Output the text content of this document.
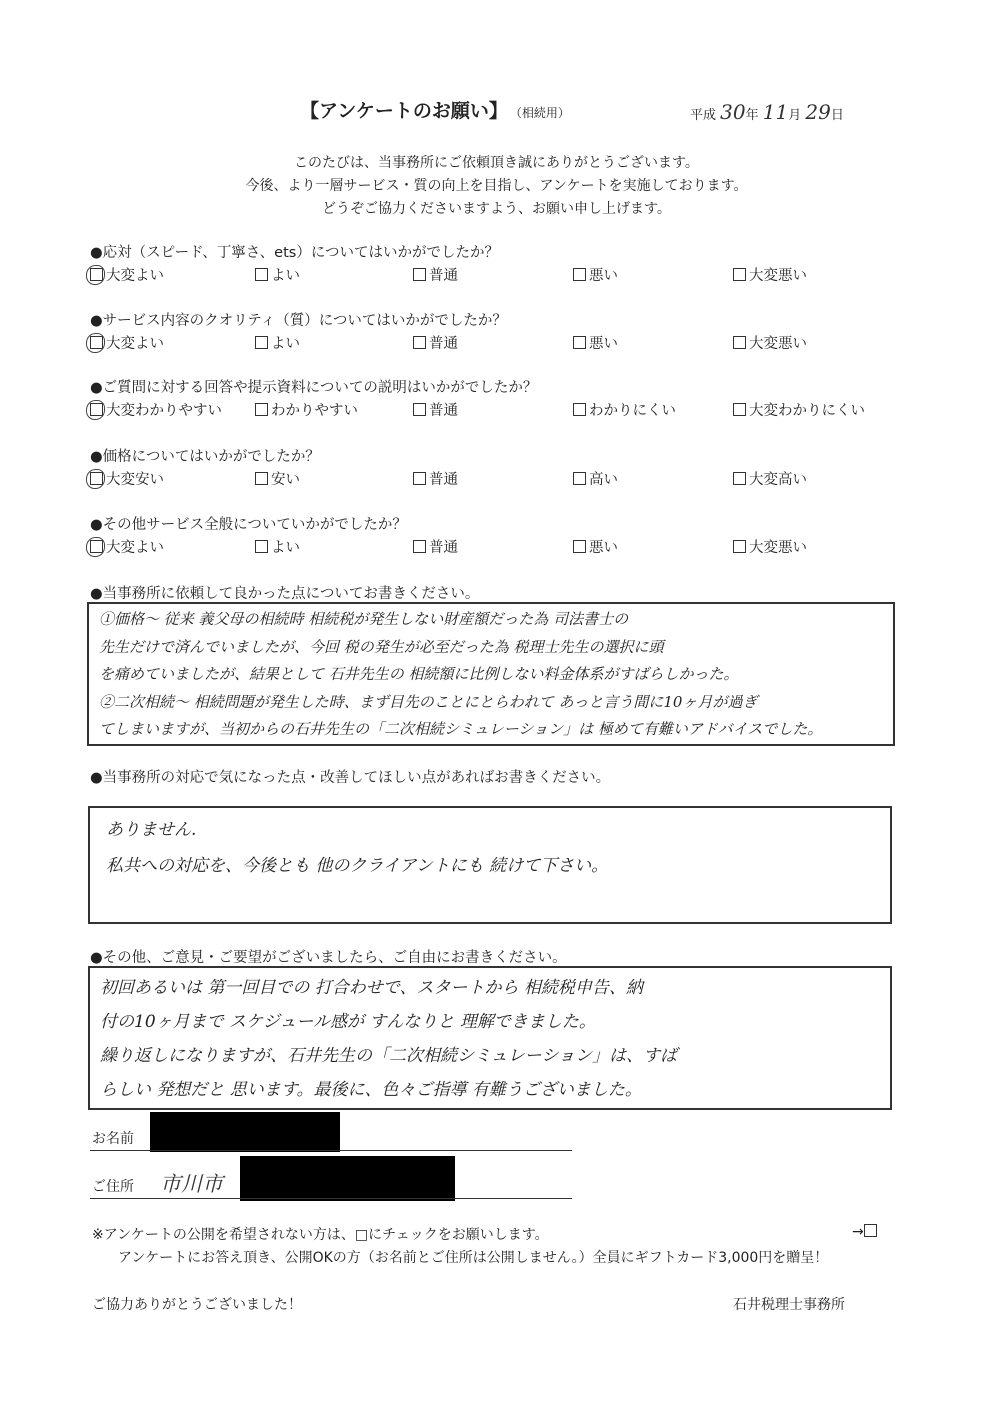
【アンケートのお願い】 （相続用）	平成 30年 11月 29日
このたびは、当事務所にご依頼頂き誠にありがとうございます。
今後、より一層サービス・質の向上を目指し、アンケートを実施しております。
どうぞご協力くださいますよう、お願い申し上げます。
●応対（スピード、丁寧さ、ets）についてはいかがでしたか？
大変よい	よい	普通	悪い	大変悪い
●サービス内容のクオリティ（質）についてはいかがでしたか？
大変よい	よい	普通	悪い	大変悪い
●ご質問に対する回答や提示資料についての説明はいかがでしたか？
大変わかりやすい	わかりやすい	普通	わかりにくい	大変わかりにくい
●価格についてはいかがでしたか？
大変安い	安い	普通	高い	大変高い
●その他サービス全般についていかがでしたか？
大変よい	よい	普通	悪い	大変悪い
●当事務所に依頼して良かった点についてお書きください。
①価格～ 従来 義父母の相続時 相続税が発生しない財産額だった為 司法書士の
先生だけで済んでいましたが、今回 税の発生が必至だった為 税理士先生の選択に頭
を痛めていましたが、結果として 石井先生の 相続額に比例しない料金体系がすばらしかった。
②二次相続～ 相続問題が発生した時、まず目先のことにとらわれて あっと言う間に10ヶ月が過ぎ
てしまいますが、当初からの石井先生の「二次相続シミュレーション」は 極めて有難いアドバイスでした。
●当事務所の対応で気になった点・改善してほしい点があればお書きください。
ありません.
私共への対応を、今後とも 他のクライアントにも 続けて下さい。
●その他、ご意見・ご要望がございましたら、ご自由にお書きください。
初回あるいは 第一回目での 打合わせで、スタートから 相続税申告、納
付の10ヶ月まで スケジュール感が すんなりと 理解できました。
繰り返しになりますが、石井先生の「二次相続シミュレーション」は、すば
らしい 発想だと 思います。最後に、色々ご指導 有難うございました。
お名前
ご住所 市川市
※アンケートの公開を希望されない方は、□にチェックをお願いします。	→
アンケートにお答え頂き、公開OKの方（お名前とご住所は公開しません。）全員にギフトカード3,000円を贈呈！
ご協力ありがとうございました！	石井税理士事務所
